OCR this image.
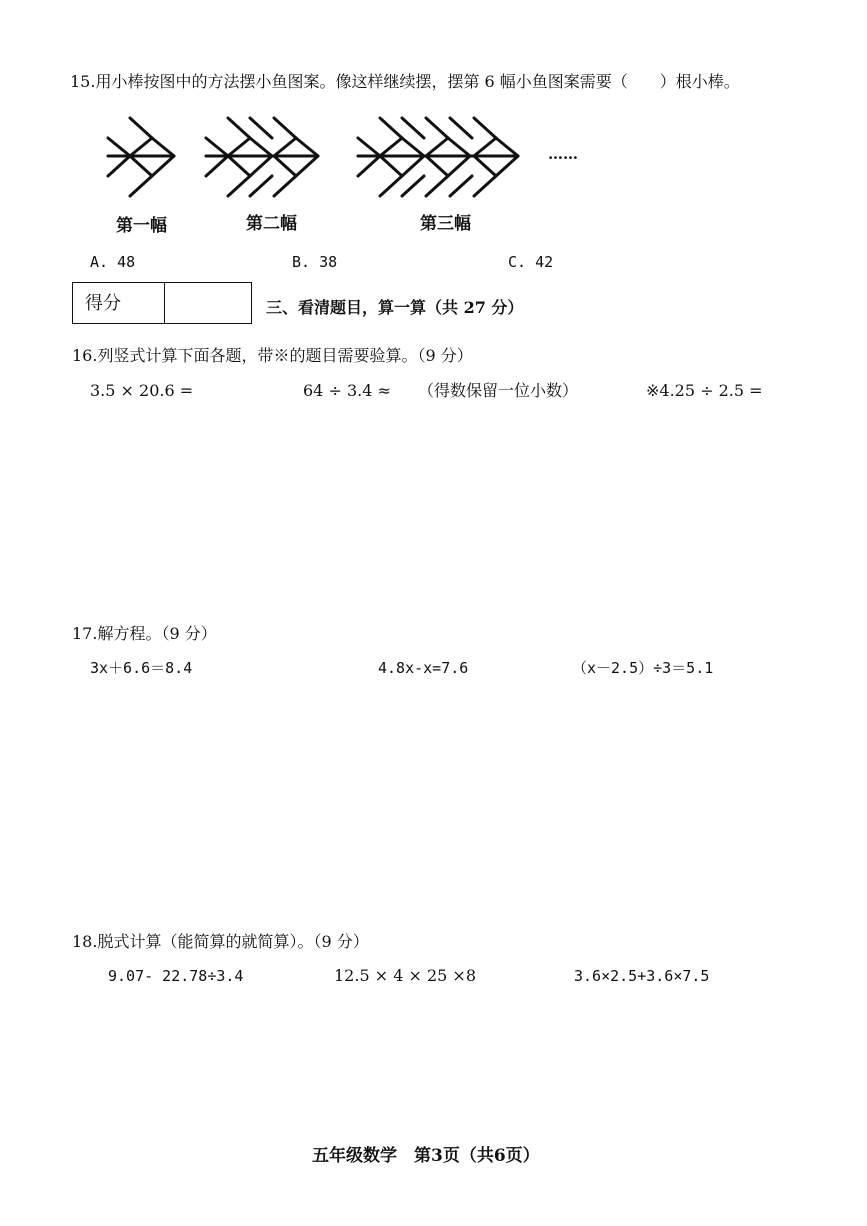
15.用小棒按图中的方法摆小鱼图案。像这样继续摆，摆第 6 幅小鱼图案需要（　　）根小棒。
……
第一幅	第二幅	第三幅
A. 48	B. 38	C. 42
得分	三、看清题目，算一算（共 27 分）
16.列竖式计算下面各题，带※的题目需要验算。（9 分）
3.5 × 20.6 =	64 ÷ 3.4 ≈ （得数保留一位小数）	※4.25 ÷ 2.5 =
17.解方程。（9 分）
3x＋6.6＝8.4	4.8x-x=7.6	（x－2.5）÷3＝5.1
18.脱式计算（能简算的就简算）。（9 分）
9.07- 22.78÷3.4	12.5 × 4 × 25 ×8	3.6×2.5+3.6×7.5
五年级数学　第3页（共6页）
